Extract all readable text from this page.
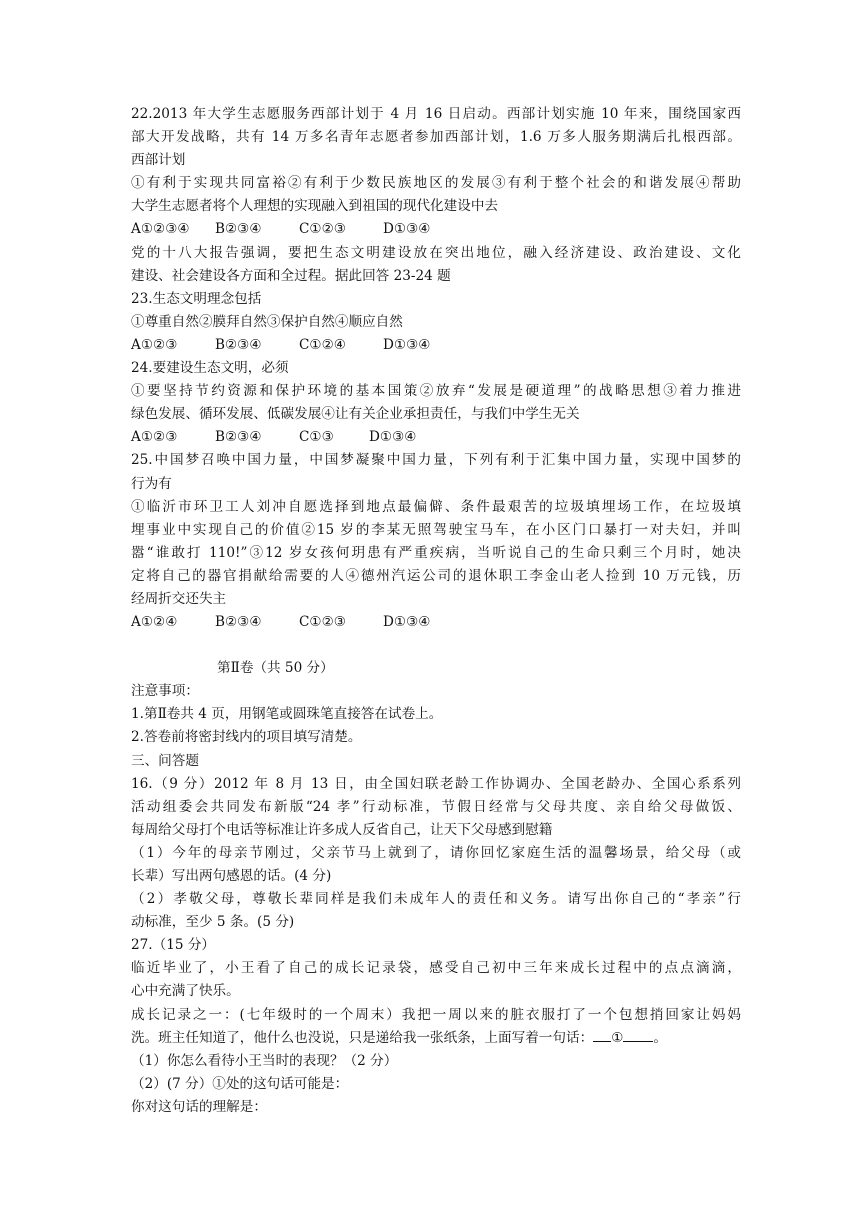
22.2013 年大学生志愿服务西部计划于 4 月 16 日启动。西部计划实施 10 年来，围绕国家西

部大开发战略，共有 14 万多名青年志愿者参加西部计划，1.6 万多人服务期满后扎根西部。

西部计划

①有利于实现共同富裕②有利于少数民族地区的发展③有利于整个社会的和谐发展④帮助

大学生志愿者将个人理想的实现融入到祖国的现代化建设中去

A①②③④	B②③④	C①②③	D①③④

党的十八大报告强调，要把生态文明建设放在突出地位，融入经济建设、政治建设、文化

建设、社会建设各方面和全过程。据此回答 23-24 题

23.生态文明理念包括

①尊重自然②膜拜自然③保护自然④顺应自然

A①②③	B②③④	C①②④	D①③④

24.要建设生态文明，必须

①要坚持节约资源和保护环境的基本国策②放弃“发展是硬道理”的战略思想③着力推进

绿色发展、循环发展、低碳发展④让有关企业承担责任，与我们中学生无关

A①②③	B②③④	C①③	D①③④

25.中国梦召唤中国力量，中国梦凝聚中国力量，下列有利于汇集中国力量，实现中国梦的

行为有

①临沂市环卫工人刘冲自愿选择到地点最偏僻、条件最艰苦的垃圾填埋场工作，在垃圾填

埋事业中实现自己的价值②15 岁的李某无照驾驶宝马车，在小区门口暴打一对夫妇，并叫

嚣“谁敢打 110!”③12 岁女孩何玥患有严重疾病，当听说自己的生命只剩三个月时，她决

定将自己的器官捐献给需要的人④德州汽运公司的退休职工李金山老人捡到 10 万元钱，历

经周折交还失主

A①②④	B②③④	C①②③	D①③④

第Ⅱ卷（共 50 分）

注意事项：

1.第Ⅱ卷共 4 页，用钢笔或圆珠笔直接答在试卷上。

2.答卷前将密封线内的项目填写清楚。

三、问答题

16.（9 分）2012 年 8 月 13 日，由全国妇联老龄工作协调办、全国老龄办、全国心系系列

活动组委会共同发布新版“24 孝”行动标准，节假日经常与父母共度、亲自给父母做饭、

每周给父母打个电话等标准让许多成人反省自己，让天下父母感到慰籍

（1）今年的母亲节刚过，父亲节马上就到了，请你回忆家庭生活的温馨场景，给父母（或

长辈）写出两句感恩的话。(4 分)

（2）孝敬父母，尊敬长辈同样是我们未成年人的责任和义务。请写出你自己的“孝亲”行

动标准，至少 5 条。(5 分)

27.（15 分）

临近毕业了，小王看了自己的成长记录袋，感受自己初中三年来成长过程中的点点滴滴，

心中充满了快乐。

成长记录之一：(七年级时的一个周末）我把一周以来的脏衣服打了一个包想捎回家让妈妈

洗。班主任知道了，他什么也没说，只是递给我一张纸条，上面写着一句话： ① 。

（1）你怎么看待小王当时的表现？（2 分）

（2）(7 分）①处的这句话可能是：

你对这句话的理解是：
